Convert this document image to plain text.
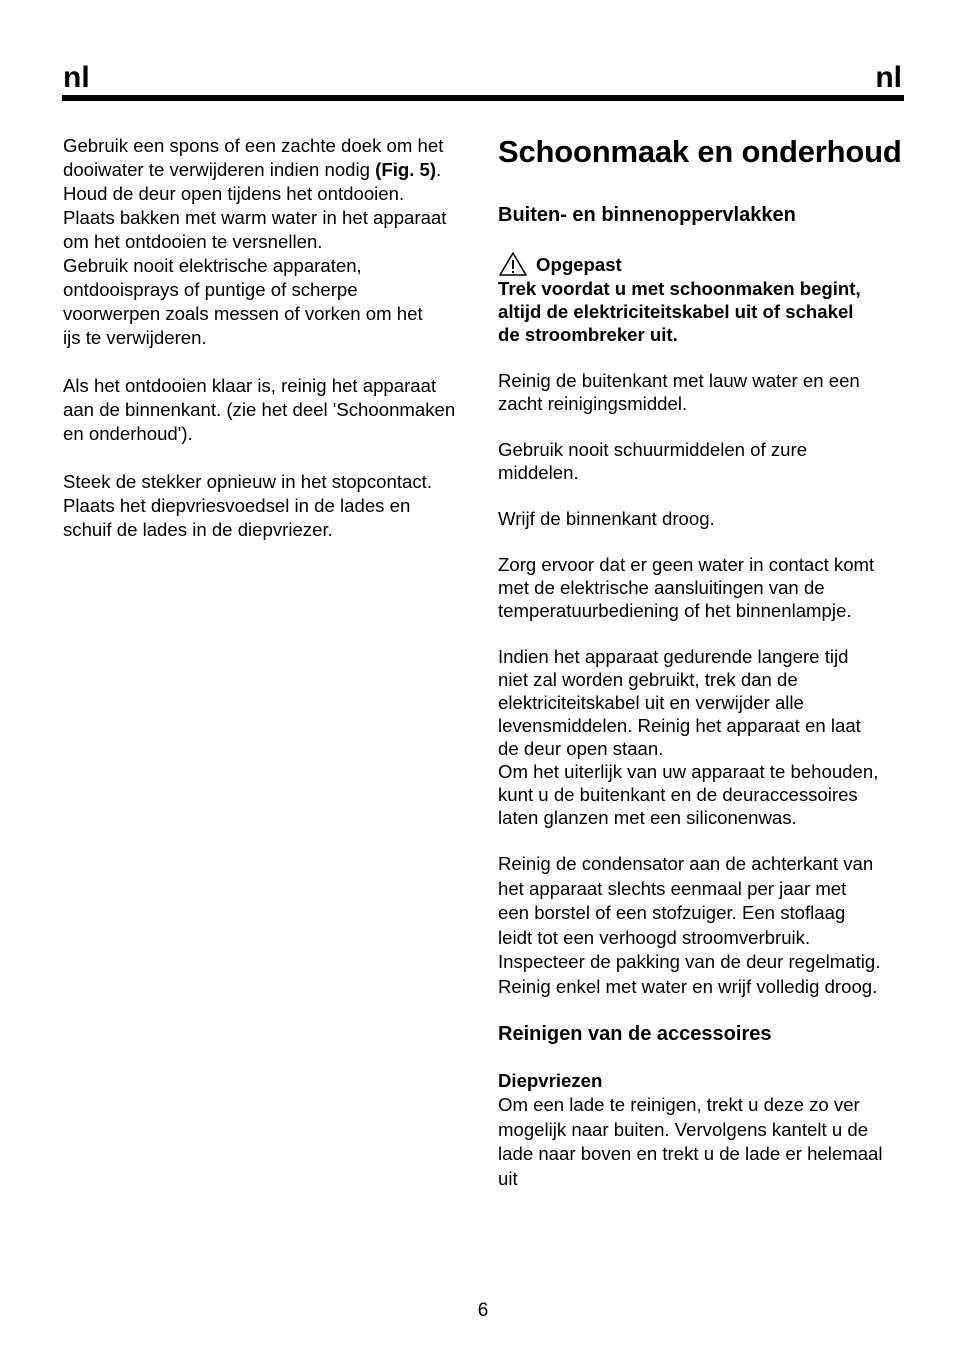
nl	nl

Gebruik een spons of een zachte doek om het
dooiwater te verwijderen indien nodig (Fig. 5).
Houd de deur open tijdens het ontdooien.
Plaats bakken met warm water in het apparaat
om het ontdooien te versnellen.
Gebruik nooit elektrische apparaten,
ontdooisprays of puntige of scherpe
voorwerpen zoals messen of vorken om het
ijs te verwijderen.

Als het ontdooien klaar is, reinig het apparaat
aan de binnenkant. (zie het deel 'Schoonmaken
en onderhoud').

Steek de stekker opnieuw in het stopcontact.
Plaats het diepvriesvoedsel in de lades en
schuif de lades in de diepvriezer.

Schoonmaak en onderhoud
Buiten- en binnenoppervlakken
Opgepast

Trek voordat u met schoonmaken begint,
altijd de elektriciteitskabel uit of schakel
de stroombreker uit.

Reinig de buitenkant met lauw water en een
zacht reinigingsmiddel.

Gebruik nooit schuurmiddelen of zure
middelen.

Wrijf de binnenkant droog.

Zorg ervoor dat er geen water in contact komt
met de elektrische aansluitingen van de
temperatuurbediening of het binnenlampje.

Indien het apparaat gedurende langere tijd
niet zal worden gebruikt, trek dan de
elektriciteitskabel uit en verwijder alle
levensmiddelen. Reinig het apparaat en laat
de deur open staan.
Om het uiterlijk van uw apparaat te behouden,
kunt u de buitenkant en de deuraccessoires
laten glanzen met een siliconenwas.

Reinig de condensator aan de achterkant van
het apparaat slechts eenmaal per jaar met
een borstel of een stofzuiger. Een stoflaag
leidt tot een verhoogd stroomverbruik.
Inspecteer de pakking van de deur regelmatig.
Reinig enkel met water en wrijf volledig droog.

Reinigen van de accessoires
Diepvriezen

Om een lade te reinigen, trekt u deze zo ver
mogelijk naar buiten. Vervolgens kantelt u de
lade naar boven en trekt u de lade er helemaal
uit

6
